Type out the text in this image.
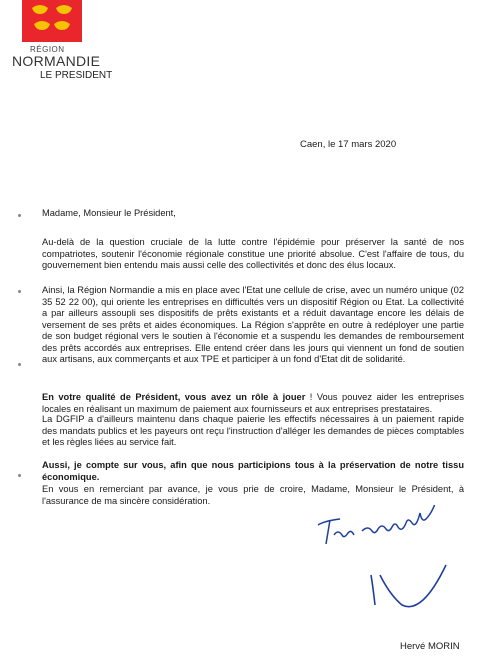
RÉGION
NORMANDIE
LE PRESIDENT
Caen, le 17 mars 2020
Madame, Monsieur le Président,
Au-delà de la question cruciale de la lutte contre l'épidémie pour préserver la santé de nos compatriotes, soutenir l'économie régionale constitue une priorité absolue. C'est l'affaire de tous, du gouvernement bien entendu mais aussi celle des collectivités et donc des élus locaux.
Ainsi, la Région Normandie a mis en place avec l'Etat une cellule de crise, avec un numéro unique (02 35 52 22 00), qui oriente les entreprises en difficultés vers un dispositif Région ou Etat. La collectivité a par ailleurs assoupli ses dispositifs de prêts existants et a réduit davantage encore les délais de versement de ses prêts et aides économiques. La Région s'apprête en outre à redéployer une partie de son budget régional vers le soutien à l'économie et a suspendu les demandes de remboursement des prêts accordés aux entreprises. Elle entend créer dans les jours qui viennent un fond de soutien aux artisans, aux commerçants et aux TPE et participer à un fond d'Etat dit de solidarité.
En votre qualité de Président, vous avez un rôle à jouer ! Vous pouvez aider les entreprises locales en réalisant un maximum de paiement aux fournisseurs et aux entreprises prestataires.
La DGFIP a d'ailleurs maintenu dans chaque paierie les effectifs nécessaires à un paiement rapide des mandats publics et les payeurs ont reçu l'instruction d'alléger les demandes de pièces comptables et les règles liées au service fait.
Aussi, je compte sur vous, afin que nous participions tous à la préservation de notre tissu économique.
En vous en remerciant par avance, je vous prie de croire, Madame, Monsieur le Président, à l'assurance de ma sincère considération.
Hervé MORIN
